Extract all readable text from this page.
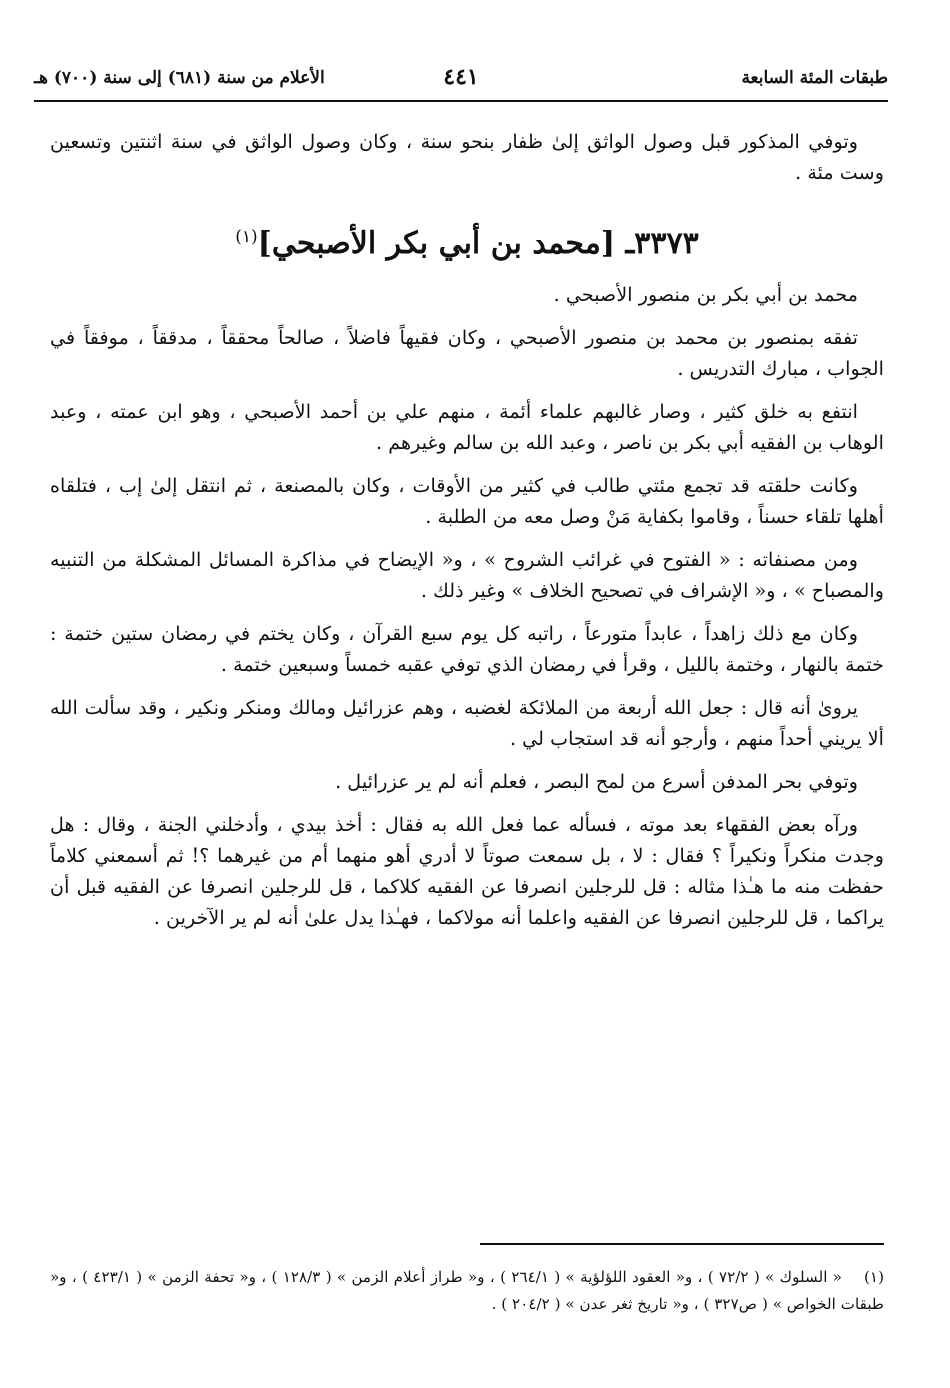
طبقات المئة السابعة
٤٤١
الأعلام من سنة (٦٨١) إلى سنة (٧٠٠) هـ

وتوفي المذكور قبل وصول الواثق إلىٰ ظفار بنحو سنة ، وكان وصول الواثق في سنة اثنتين وتسعين وست مئة .

٣٣٧٣ـ [محمد بن أبي بكر الأصبحي]$^{(١)}$

محمد بن أبي بكر بن منصور الأصبحي .

تفقه بمنصور بن محمد بن منصور الأصبحي ، وكان فقيهاً فاضلاً ، صالحاً محققاً ، مدققاً ، موفقاً في الجواب ، مبارك التدريس .

انتفع به خلق كثير ، وصار غالبهم علماء أئمة ، منهم علي بن أحمد الأصبحي ، وهو ابن عمته ، وعبد الوهاب بن الفقيه أبي بكر بن ناصر ، وعبد الله بن سالم وغيرهم .

وكانت حلقته قد تجمع مئتي طالب في كثير من الأوقات ، وكان بالمصنعة ، ثم انتقل إلىٰ إب ، فتلقاه أهلها تلقاء حسناً ، وقاموا بكفاية مَنْ وصل معه من الطلبة .

ومن مصنفاته : « الفتوح في غرائب الشروح » ، و« الإيضاح في مذاكرة المسائل المشكلة من التنبيه والمصباح » ، و« الإشراف في تصحيح الخلاف » وغير ذلك .

وكان مع ذلك زاهداً ، عابداً متورعاً ، راتبه كل يوم سبع القرآن ، وكان يختم في رمضان ستين ختمة : ختمة بالنهار ، وختمة بالليل ، وقرأ في رمضان الذي توفي عقبه خمساً وسبعين ختمة .

يروىٰ أنه قال : جعل الله أربعة من الملائكة لغضبه ، وهم عزرائيل ومالك ومنكر ونكير ، وقد سألت الله ألا يريني أحداً منهم ، وأرجو أنه قد استجاب لي .

وتوفي بحر المدفن أسرع من لمح البصر ، فعلم أنه لم ير عزرائيل .

ورآه بعض الفقهاء بعد موته ، فسأله عما فعل الله به فقال : أخذ بيدي ، وأدخلني الجنة ، وقال : هل وجدت منكراً ونكيراً ؟ فقال : لا ، بل سمعت صوتاً لا أدري أهو منهما أم من غيرهما ؟! ثم أسمعني كلاماً حفظت منه ما هـٰذا مثاله : قل للرجلين انصرفا عن الفقيه كلاكما ، قل للرجلين انصرفا عن الفقيه قبل أن يراكما ، قل للرجلين انصرفا عن الفقيه واعلما أنه مولاكما ، فهـٰذا يدل علىٰ أنه لم ير الآخرين .

(١)« السلوك » ( ٧٢/٢ ) ، و« العقود اللؤلؤية » ( ٢٦٤/١ ) ، و« طراز أعلام الزمن » ( ١٢٨/٣ ) ، و« تحفة الزمن » ( ٤٢٣/١ ) ، و« طبقات الخواص » ( ص٣٢٧ ) ، و« تاريخ ثغر عدن » ( ٢٠٤/٢ ) .
